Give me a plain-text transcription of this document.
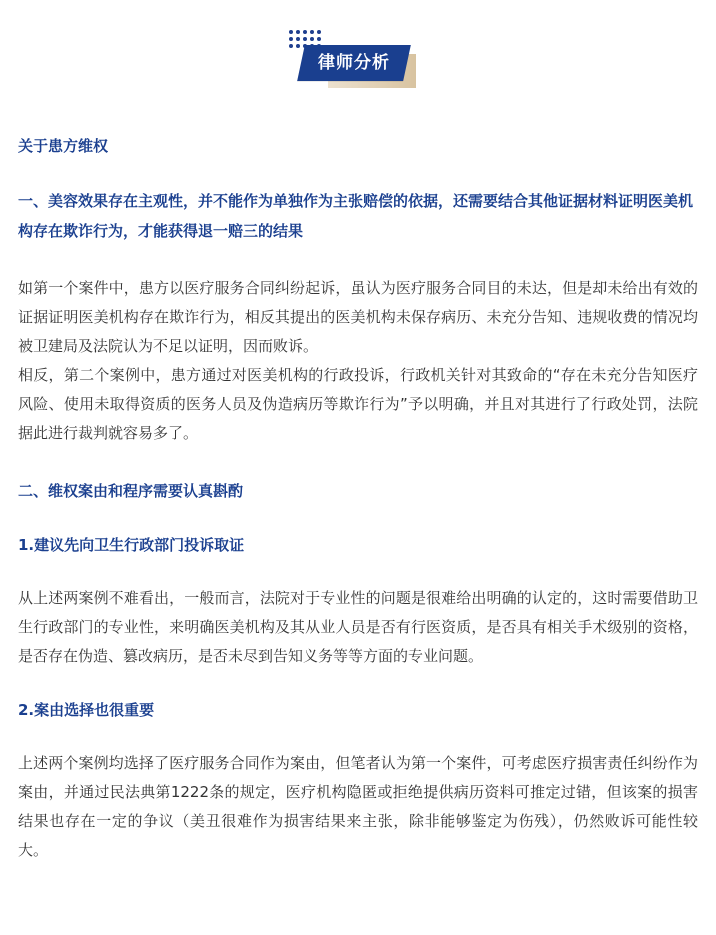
律师分析

关于患方维权

一、美容效果存在主观性，并不能作为单独作为主张赔偿的依据，还需要结合其他证据材料证明医美机构存在欺诈行为，才能获得退一赔三的结果

如第一个案件中，患方以医疗服务合同纠纷起诉，虽认为医疗服务合同目的未达，但是却未给出有效的证据证明医美机构存在欺诈行为，相反其提出的医美机构未保存病历、未充分告知、违规收费的情况均被卫建局及法院认为不足以证明，因而败诉。

相反，第二个案例中，患方通过对医美机构的行政投诉，行政机关针对其致命的“存在未充分告知医疗风险、使用未取得资质的医务人员及伪造病历等欺诈行为”予以明确，并且对其进行了行政处罚，法院据此进行裁判就容易多了。

二、维权案由和程序需要认真斟酌

1.建议先向卫生行政部门投诉取证

从上述两案例不难看出，一般而言，法院对于专业性的问题是很难给出明确的认定的，这时需要借助卫生行政部门的专业性，来明确医美机构及其从业人员是否有行医资质，是否具有相关手术级别的资格，是否存在伪造、篡改病历，是否未尽到告知义务等等方面的专业问题。

2.案由选择也很重要

上述两个案例均选择了医疗服务合同作为案由，但笔者认为第一个案件，可考虑医疗损害责任纠纷作为案由，并通过民法典第1222条的规定，医疗机构隐匿或拒绝提供病历资料可推定过错，但该案的损害结果也存在一定的争议（美丑很难作为损害结果来主张，除非能够鉴定为伤残），仍然败诉可能性较大。
